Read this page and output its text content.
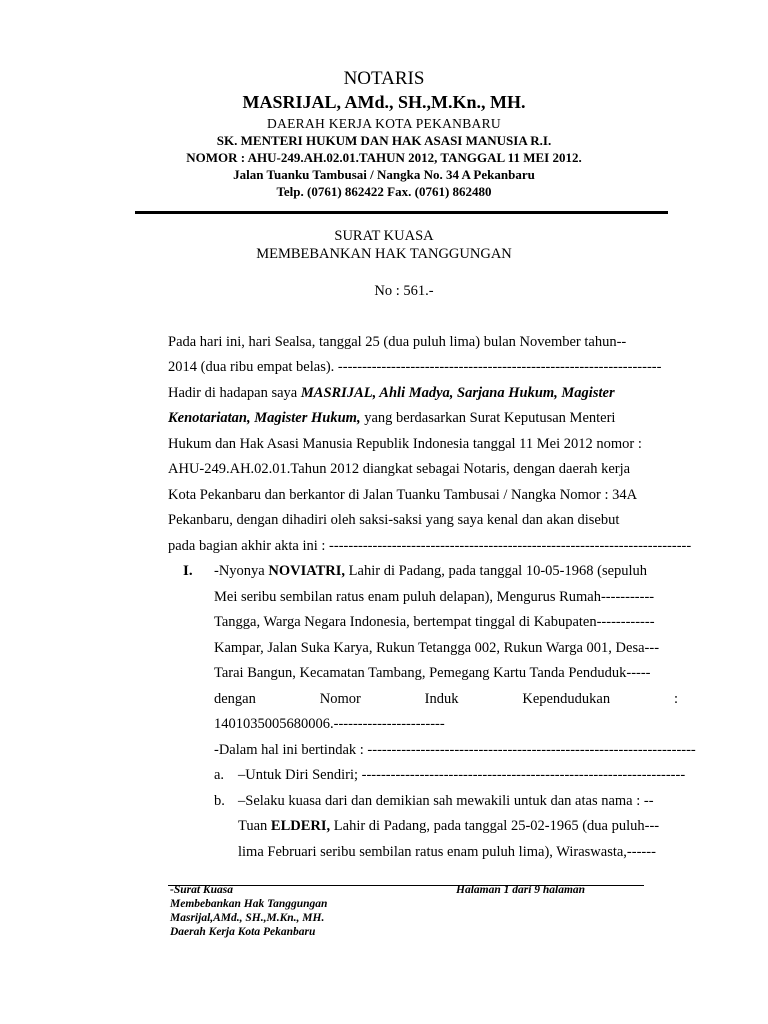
NOTARIS
MASRIJAL, AMd., SH.,M.Kn., MH.
DAERAH KERJA KOTA PEKANBARU
SK. MENTERI HUKUM DAN HAK ASASI MANUSIA R.I.
NOMOR : AHU-249.AH.02.01.TAHUN 2012, TANGGAL 11 MEI 2012.
Jalan Tuanku Tambusai / Nangka No. 34 A Pekanbaru
Telp. (0761) 862422 Fax. (0761) 862480
SURAT KUASA
MEMBEBANKAN HAK TANGGUNGAN
No : 561.-
Pada hari ini, hari Sealsa, tanggal 25 (dua puluh lima) bulan November tahun--
2014 (dua ribu empat belas). -------------------------------------------------------------------
Hadir di hadapan saya MASRIJAL, Ahli Madya, Sarjana Hukum, Magister
Kenotariatan, Magister Hukum, yang berdasarkan Surat Keputusan Menteri
Hukum dan Hak Asasi Manusia Republik Indonesia tanggal 11 Mei 2012 nomor :
AHU-249.AH.02.01.Tahun 2012 diangkat sebagai Notaris, dengan daerah kerja
Kota Pekanbaru dan berkantor di Jalan Tuanku Tambusai / Nangka Nomor : 34A
Pekanbaru, dengan dihadiri oleh saksi-saksi yang saya kenal dan akan disebut
pada bagian akhir akta ini : ---------------------------------------------------------------------------
I. -Nyonya NOVIATRI, Lahir di Padang, pada tanggal 10-05-1968 (sepuluh
Mei seribu sembilan ratus enam puluh delapan), Mengurus Rumah-----------
Tangga, Warga Negara Indonesia, bertempat tinggal di Kabupaten------------
Kampar, Jalan Suka Karya, Rukun Tetangga 002, Rukun Warga 001, Desa---
Tarai Bangun, Kecamatan Tambang, Pemegang Kartu Tanda Penduduk-----
dengan	Nomor	Induk	Kependudukan	:
1401035005680006.-----------------------
-Dalam hal ini bertindak : --------------------------------------------------------------------
a. –Untuk Diri Sendiri; -------------------------------------------------------------------
b. –Selaku kuasa dari dan demikian sah mewakili untuk dan atas nama : --
Tuan ELDERI, Lahir di Padang, pada tanggal 25-02-1965 (dua puluh---
lima Februari seribu sembilan ratus enam puluh lima), Wiraswasta,------
-Surat Kuasa
Membebankan Hak Tanggungan
Masrijal,AMd., SH.,M.Kn., MH.
Daerah Kerja Kota Pekanbaru
Halaman 1 dari 9 halaman
